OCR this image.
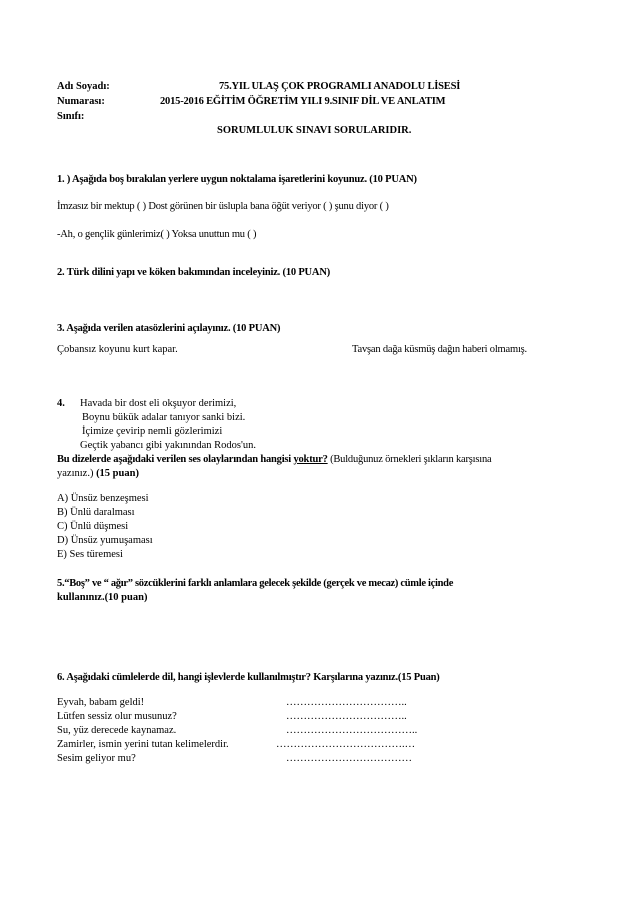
Adı Soyadı:
Numarası:
Sınıfı:
75.YIL ULAŞ ÇOK PROGRAMLI ANADOLU LİSESİ
2015-2016 EĞİTİM ÖĞRETİM YILI 9.SINIF DİL VE ANLATIM
SORUMLULUK SINAVI SORULARIDIR.
1. ) Aşağıda boş bırakılan yerlere uygun noktalama işaretlerini koyunuz. (10 PUAN)
İmzasız bir mektup ( ) Dost görünen bir üslupla bana öğüt veriyor ( ) şunu diyor ( )
-Ah, o gençlik günlerimiz( ) Yoksa unuttun mu ( )
2. Türk dilini yapı ve köken bakımından inceleyiniz. (10 PUAN)
3. Aşağıda verilen atasözlerini açılayınız. (10 PUAN)
Çobansız koyunu kurt kapar.	Tavşan dağa küsmüş dağın haberi olmamış.
4. Havada bir dost eli okşuyor derimizi,
Boynu bükük adalar tanıyor sanki bizi.
İçimize çevirip nemli gözlerimizi
Geçtik yabancı gibi yakınından Rodos'un.
Bu dizelerde aşağıdaki verilen ses olaylarından hangisi yoktur? (Bulduğunuz örnekleri şıkların karşısına
yazınız.) (15 puan)
A) Ünsüz benzeşmesi
B) Ünlü daralması
C) Ünlü düşmesi
D) Ünsüz yumuşaması
E) Ses türemesi
5.“Boş” ve “ ağır” sözcüklerini farklı anlamlara gelecek şekilde (gerçek ve mecaz) cümle içinde
kullanınız.(10 puan)
6. Aşağıdaki cümlelerde dil, hangi işlevlerde kullanılmıştır? Karşılarına yazınız.(15 Puan)
Eyvah, babam geldi!	……………………………..
Lütfen sessiz olur musunuz?	……………………………..
Su, yüz derecede kaynamaz.	………………………………..
Zamirler, ismin yerini tutan kelimelerdir.	……………………………….…
Sesim geliyor mu?	………………………………
